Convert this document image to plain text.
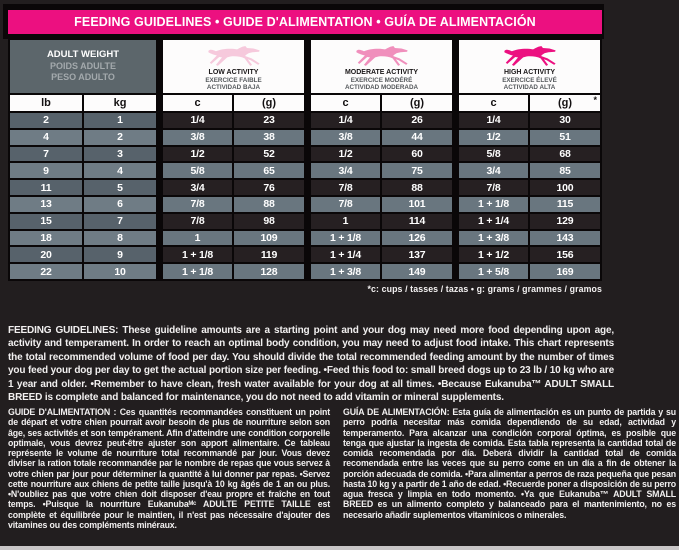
FEEDING GUIDELINES • GUIDE D'ALIMENTATION • GUÍA DE ALIMENTACIÓN
ADULT WEIGHT
POIDS ADULTE
PESO ADULTO	LOW ACTIVITY
EXERCICE FAIBLE
ACTIVIDAD BAJA
MODERATE ACTIVITY
EXERCICE MODÉRÉ
ACTIVIDAD MODERADA
HIGH ACTIVITY
EXERCICE ÉLEVÉ
ACTIVIDAD ALTA
lb	kg	c	(g)	c	(g)	c	(g) *
2	1	1/4	23	1/4	26	1/4	30
4	2	3/8	38	3/8	44	1/2	51
7	3	1/2	52	1/2	60	5/8	68
9	4	5/8	65	3/4	75	3/4	85
11	5	3/4	76	7/8	88	7/8	100
13	6	7/8	88	7/8	101	1 + 1/8	115
15	7	7/8	98	1	114	1 + 1/4	129
18	8	1	109	1 + 1/8	126	1 + 3/8	143
20	9	1 + 1/8	119	1 + 1/4	137	1 + 1/2	156
22	10	1 + 1/8	128	1 + 3/8	149	1 + 5/8	169
*c: cups / tasses / tazas • g: grams / grammes / gramos

FEEDING GUIDELINES: These guideline amounts are a starting point and your dog may need more food depending upon age, activity and temperament. In order to reach an optimal body condition, you may need to adjust food intake. This chart represents the total recommended volume of food per day. You should divide the total recommended feeding amount by the number of times you feed your dog per day to get the actual portion size per feeding. •Feed this food to: small breed dogs up to 23 lb / 10 kg who are 1 year and older. •Remember to have clean, fresh water available for your dog at all times. •Because Eukanuba™ ADULT SMALL BREED is complete and balanced for maintenance, you do not need to add vitamin or mineral supplements.

GUIDE D'ALIMENTATION : Ces quantités recommandées constituent un point de départ et votre chien pourrait avoir besoin de plus de nourriture selon son âge, ses activités et son tempérament. Afin d'atteindre une condition corporelle optimale, vous devrez peut-être ajuster son apport alimentaire. Ce tableau représente le volume de nourriture total recommandé par jour. Vous devez diviser la ration totale recommandée par le nombre de repas que vous servez à votre chien par jour pour déterminer la quantité à lui donner par repas. •Servez cette nourriture aux chiens de petite taille jusqu'à 10 kg âgés de 1 an ou plus. •N'oubliez pas que votre chien doit disposer d'eau propre et fraîche en tout temps. •Puisque la nourriture Eukanubaᴹᶜ ADULTE PETITE TAILLE est complète et équilibrée pour le maintien, il n'est pas nécessaire d'ajouter des vitamines ou des compléments minéraux.

GUÍA DE ALIMENTACIÓN: Esta guía de alimentación es un punto de partida y su perro podría necesitar más comida dependiendo de su edad, actividad y temperamento. Para alcanzar una condición corporal óptima, es posible que tenga que ajustar la ingesta de comida. Esta tabla representa la cantidad total de comida recomendada por día. Deberá dividir la cantidad total de comida recomendada entre las veces que su perro come en un día a fin de obtener la porción adecuada de comida. •Para alimentar a perros de raza pequeña que pesan hasta 10 kg y a partir de 1 año de edad. •Recuerde poner a disposición de su perro agua fresca y limpia en todo momento. •Ya que Eukanuba™ ADULT SMALL BREED es un alimento completo y balanceado para el mantenimiento, no es necesario añadir suplementos vitamínicos o minerales.
